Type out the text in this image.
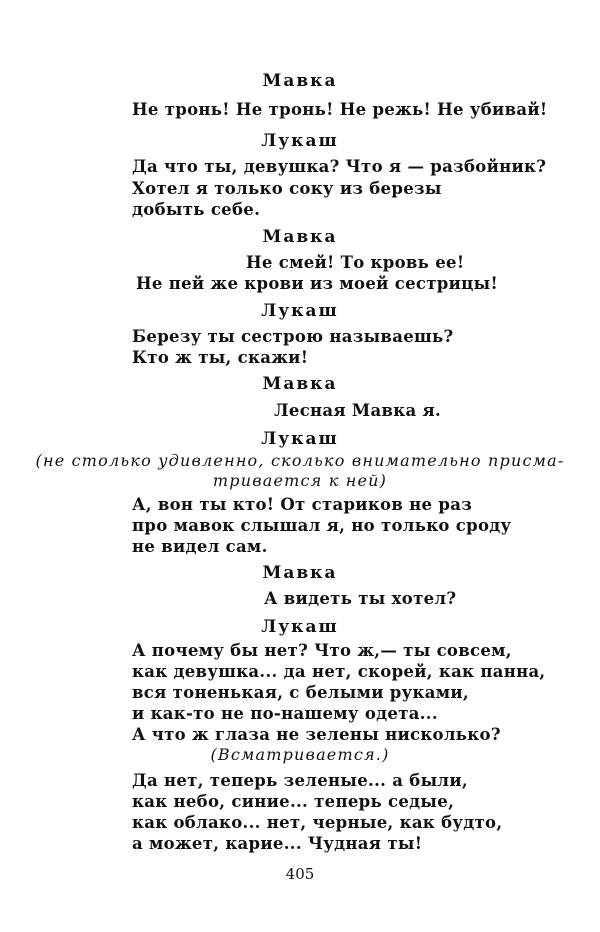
Мавка
Не тронь! Не тронь! Не режь! Не убивай!
Лукаш
Да что ты, девушка? Что я — разбойник?
Хотел я только соку из березы
добыть себе.
Мавка
Не смей! То кровь ее!
Не пей же крови из моей сестрицы!
Лукаш
Березу ты сестрою называешь?
Кто ж ты, скажи!
Мавка
Лесная Мавка я.
Лукаш
(не столько удивленно, сколько внимательно присма-
тривается к ней)
А, вон ты кто! От стариков не раз
про мавок слышал я, но только сроду
не видел сам.
Мавка
А видеть ты хотел?
Лукаш
А почему бы нет? Что ж,— ты совсем,
как девушка... да нет, скорей, как панна,
вся тоненькая, с белыми руками,
и как-то не по-нашему одета...
А что ж глаза не зелены нисколько?
(Всматривается.)
Да нет, теперь зеленые... а были,
как небо, синие... теперь седые,
как облако... нет, черные, как будто,
а может, карие... Чудная ты!
405
